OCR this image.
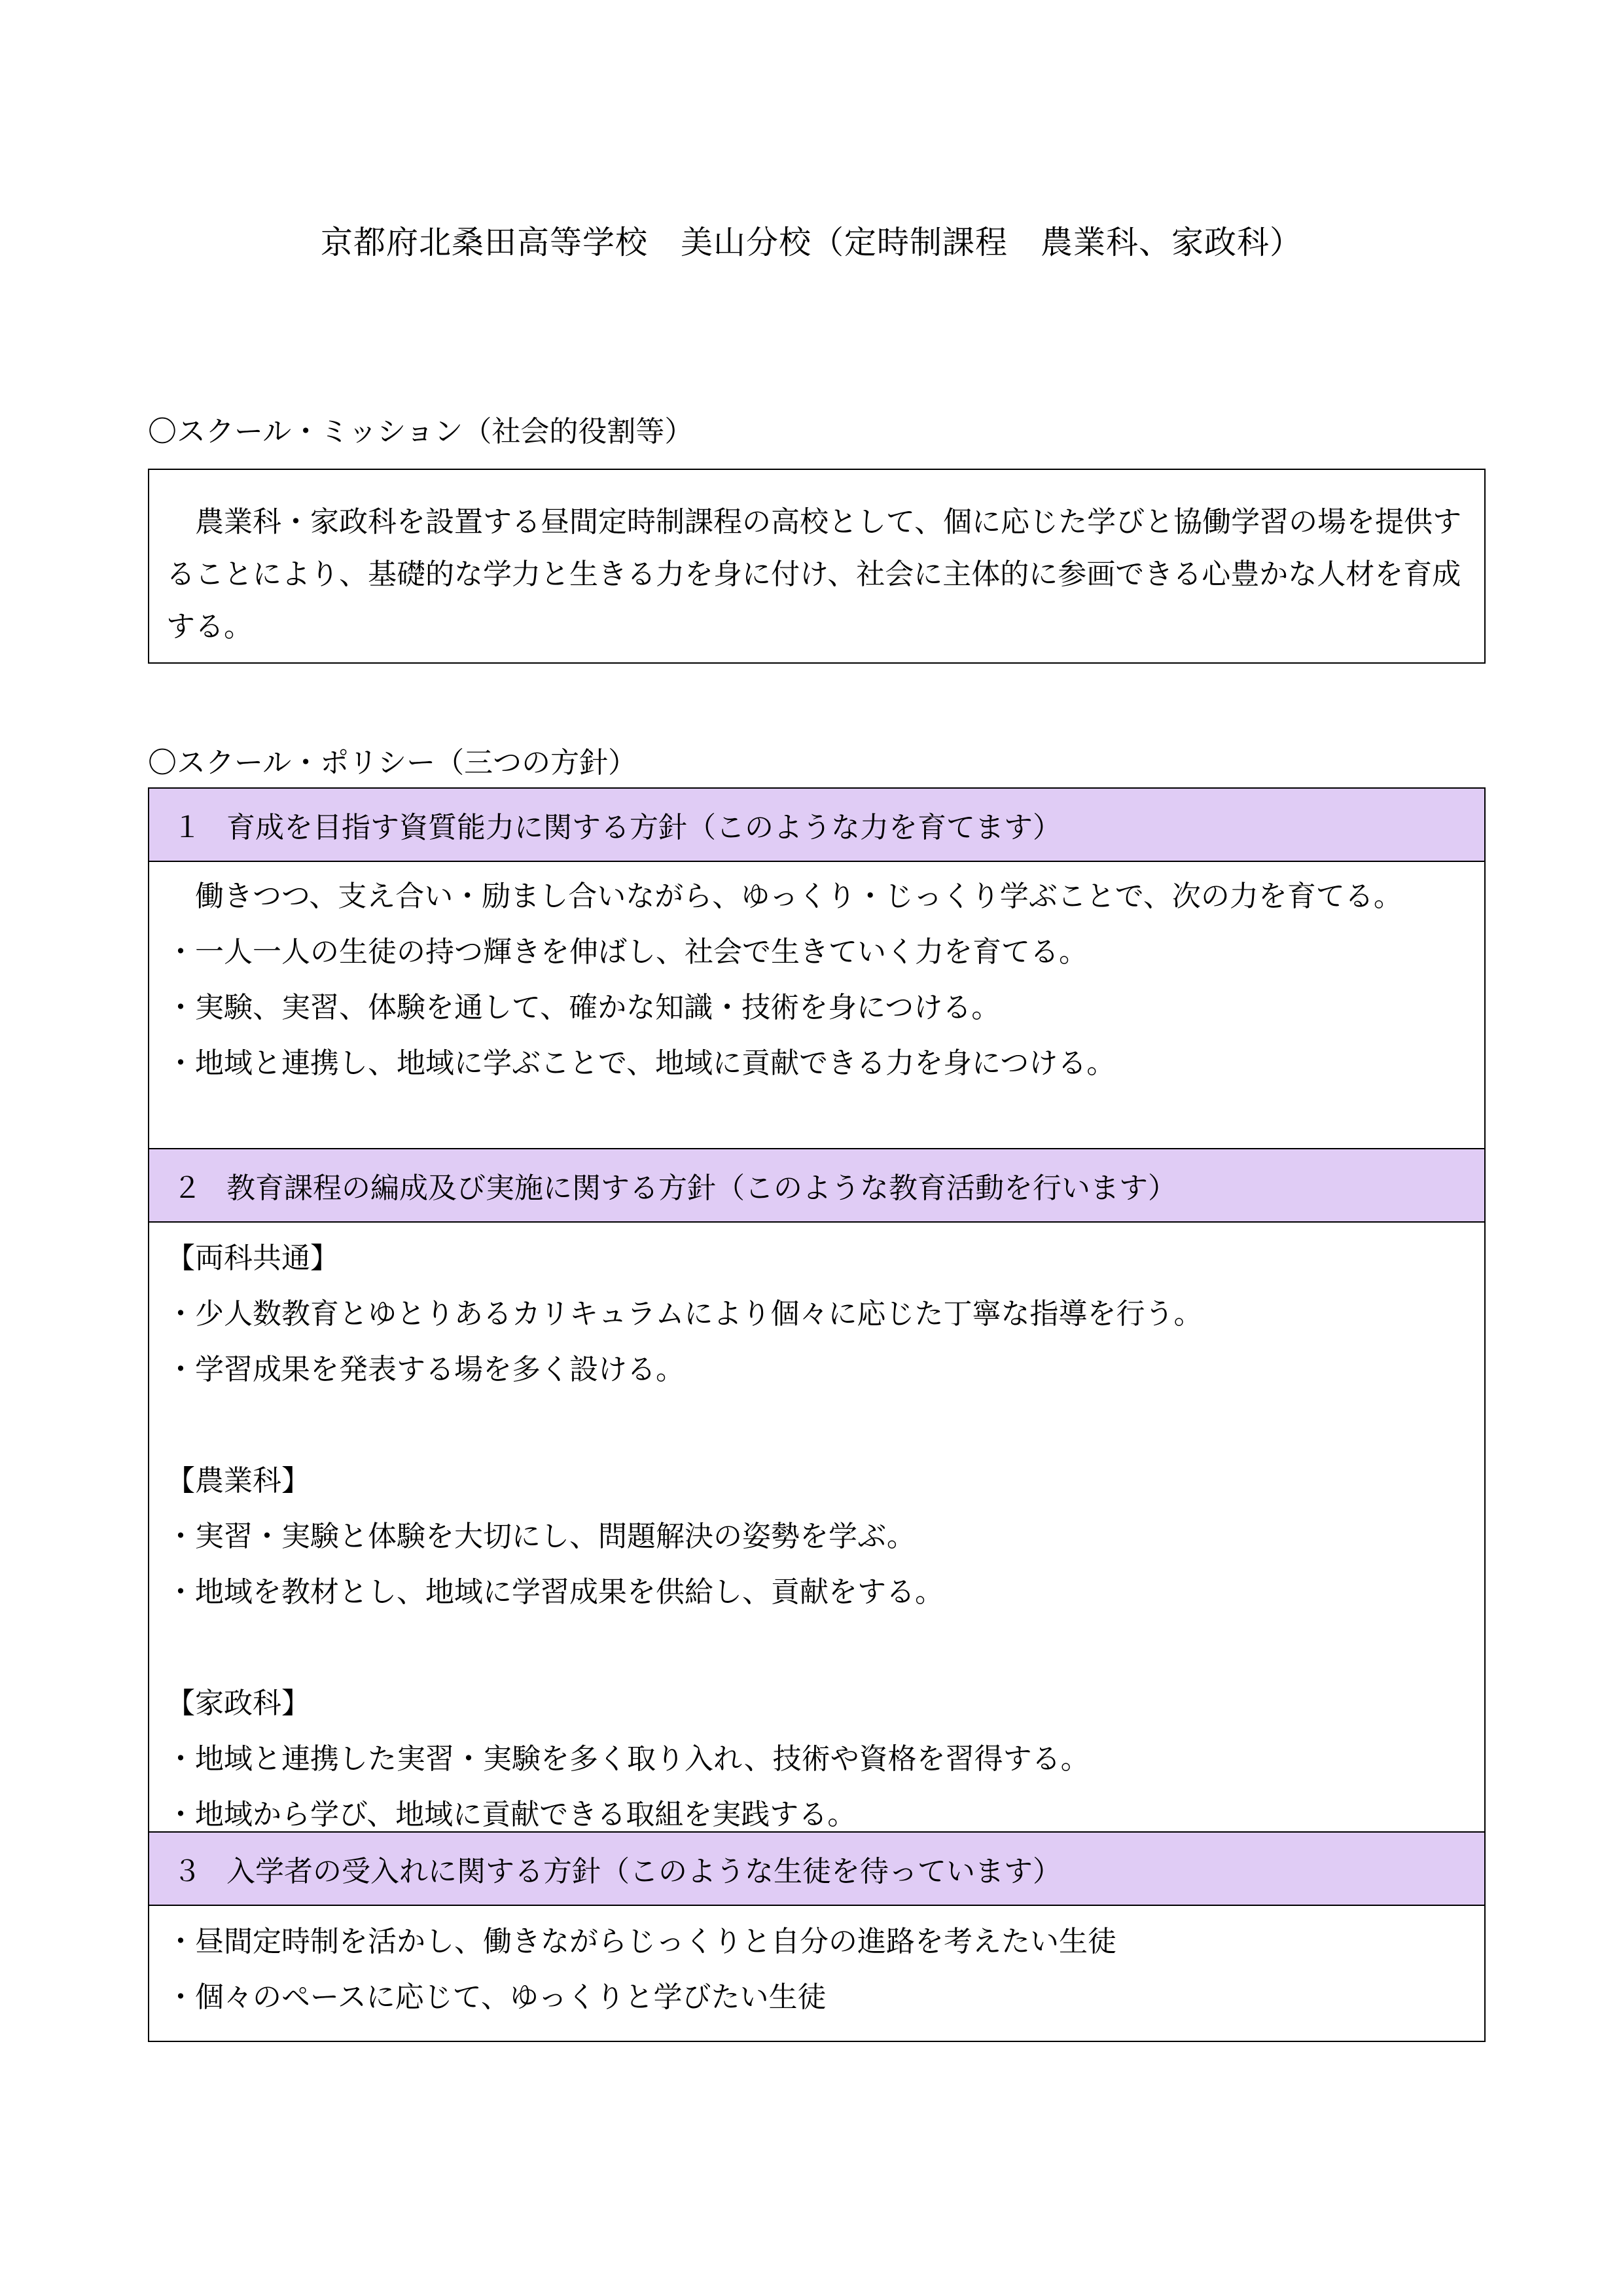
京都府北桑田高等学校　美山分校（定時制課程　農業科、家政科）
〇スクール・ミッション（社会的役割等）

農業科・家政科を設置する昼間定時制課程の高校として、個に応じた学びと協働学習の場を提供することにより、基礎的な学力と生きる力を身に付け、社会に主体的に参画できる心豊かな人材を育成する。

〇スクール・ポリシー（三つの方針）
１ 育成を目指す資質能力に関する方針（このような力を育てます）

働きつつ、支え合い・励まし合いながら、ゆっくり・じっくり学ぶことで、次の力を育てる。

・一人一人の生徒の持つ輝きを伸ばし、社会で生きていく力を育てる。

・実験、実習、体験を通して、確かな知識・技術を身につける。

・地域と連携し、地域に学ぶことで、地域に貢献できる力を身につける。

２ 教育課程の編成及び実施に関する方針（このような教育活動を行います）

【両科共通】

・少人数教育とゆとりあるカリキュラムにより個々に応じた丁寧な指導を行う。

・学習成果を発表する場を多く設ける。

【農業科】

・実習・実験と体験を大切にし、問題解決の姿勢を学ぶ。

・地域を教材とし、地域に学習成果を供給し、貢献をする。

【家政科】

・地域と連携した実習・実験を多く取り入れ、技術や資格を習得する。

・地域から学び、地域に貢献できる取組を実践する。

３ 入学者の受入れに関する方針（このような生徒を待っています）

・昼間定時制を活かし、働きながらじっくりと自分の進路を考えたい生徒

・個々のペースに応じて、ゆっくりと学びたい生徒
